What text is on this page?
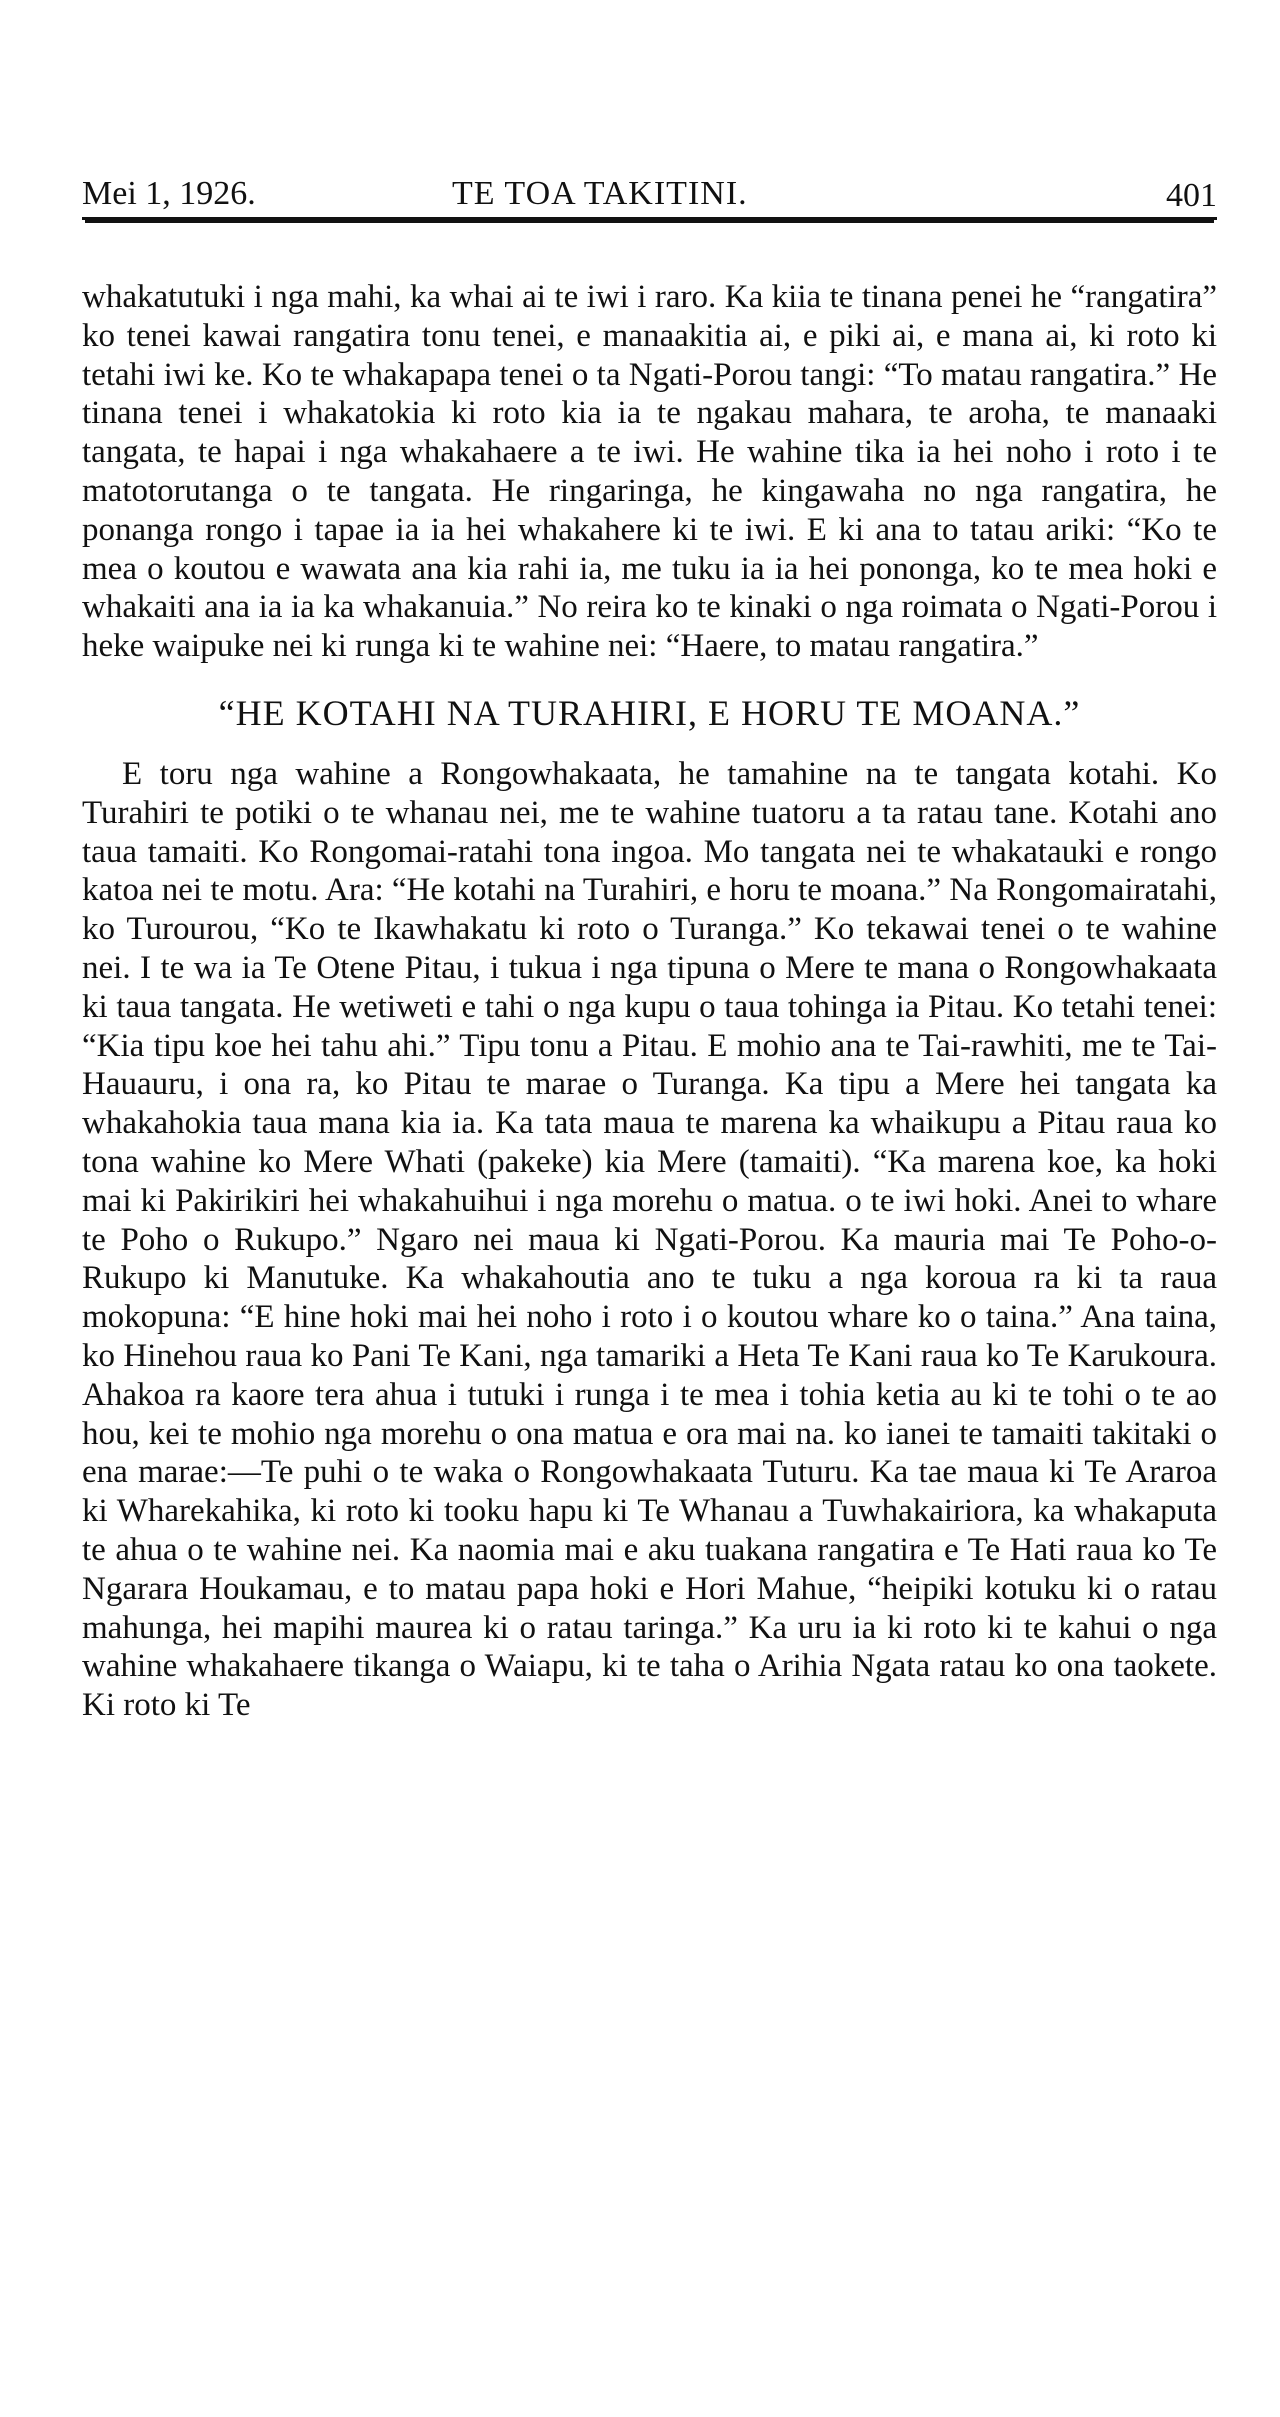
Mei 1, 1926.	TE TOA TAKITINI.	401

whakatutuki i nga mahi, ka whai ai te iwi i raro. Ka kiia te tinana penei he “rangatira” ko tenei kawai rangatira tonu tenei, e manaakitia ai, e piki ai, e mana ai, ki roto ki tetahi iwi ke. Ko te whakapapa tenei o ta Ngati-Porou tangi: “To matau rangatira.” He tinana tenei i whakatokia ki roto kia ia te ngakau mahara, te aroha, te manaaki tangata, te hapai i nga whakahaere a te iwi. He wahine tika ia hei noho i roto i te matotorutanga o te tangata. He ringaringa, he kingawaha no nga rangatira, he ponanga rongo i tapae ia ia hei whakahere ki te iwi. E ki ana to tatau ariki: “Ko te mea o koutou e wawata ana kia rahi ia, me tuku ia ia hei pononga, ko te mea hoki e whakaiti ana ia ia ka whakanuia.” No reira ko te kinaki o nga roimata o Ngati-Porou i heke waipuke nei ki runga ki te wahine nei: “Haere, to matau rangatira.”

“HE KOTAHI NA TURAHIRI, E HORU TE MOANA.”

E toru nga wahine a Rongowhakaata, he tamahine na te tangata kotahi. Ko Turahiri te potiki o te whanau nei, me te wahine tuatoru a ta ratau tane. Kotahi ano taua tamaiti. Ko Rongomai-ratahi tona ingoa. Mo tangata nei te whakatauki e rongo katoa nei te motu. Ara: “He kotahi na Turahiri, e horu te moana.” Na Rongomairatahi, ko Turourou, “Ko te Ikawhakatu ki roto o Turanga.” Ko tekawai tenei o te wahine nei. I te wa ia Te Otene Pitau, i tukua i nga tipuna o Mere te mana o Rongowhakaata ki taua tangata. He wetiweti e tahi o nga kupu o taua tohinga ia Pitau. Ko tetahi tenei: “Kia tipu koe hei tahu ahi.” Tipu tonu a Pitau. E mohio ana te Tai-rawhiti, me te Tai-Hauauru, i ona ra, ko Pitau te marae o Turanga. Ka tipu a Mere hei tangata ka whakahokia taua mana kia ia. Ka tata maua te marena ka whaikupu a Pitau raua ko tona wahine ko Mere Whati (pakeke) kia Mere (tamaiti). “Ka marena koe, ka hoki mai ki Pakirikiri hei whakahuihui i nga morehu o matua. o te iwi hoki. Anei to whare te Poho o Rukupo.” Ngaro nei maua ki Ngati-Porou. Ka mauria mai Te Poho-o-Rukupo ki Manutuke. Ka whakahoutia ano te tuku a nga koroua ra ki ta raua mokopuna: “E hine hoki mai hei noho i roto i o koutou whare ko o taina.” Ana taina, ko Hinehou raua ko Pani Te Kani, nga tamariki a Heta Te Kani raua ko Te Karukoura. Ahakoa ra kaore tera ahua i tutuki i runga i te mea i tohia ketia au ki te tohi o te ao hou, kei te mohio nga morehu o ona matua e ora mai na. ko ianei te tamaiti takitaki o ena marae:—Te puhi o te waka o Rongowhakaata Tuturu. Ka tae maua ki Te Araroa ki Wharekahika, ki roto ki tooku hapu ki Te Whanau a Tuwhakairiora, ka whakaputa te ahua o te wahine nei. Ka naomia mai e aku tuakana rangatira e Te Hati raua ko Te Ngarara Houkamau, e to matau papa hoki e Hori Mahue, “heipiki kotuku ki o ratau mahunga, hei mapihi maurea ki o ratau taringa.” Ka uru ia ki roto ki te kahui o nga wahine whakahaere tikanga o Waiapu, ki te taha o Arihia Ngata ratau ko ona taokete. Ki roto ki Te
